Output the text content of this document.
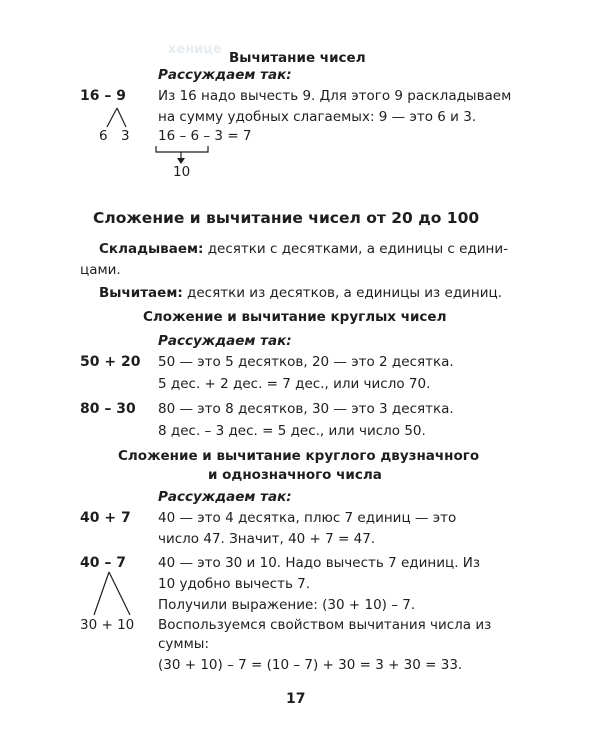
хенице
Вычитание чисел
Рассуждаем так:
16 – 9 Из 16 надо вычесть 9. Для этого 9 раскладываем
на сумму удобных слагаемых: 9 — это 6 и 3.
6 3 16 – 6 – 3 = 7
10
Сложение и вычитание чисел от 20 до 100
Складываем: десятки с десятками, а единицы с едини-
цами.
Вычитаем: десятки из десятков, а единицы из единиц.
Сложение и вычитание круглых чисел
Рассуждаем так:
50 + 20 50 — это 5 десятков, 20 — это 2 десятка.
5 дес. + 2 дес. = 7 дес., или число 70.
80 – 30 80 — это 8 десятков, 30 — это 3 десятка.
8 дес. – 3 дес. = 5 дес., или число 50.
Сложение и вычитание круглого двузначного
и однозначного числа
Рассуждаем так:
40 + 7 40 — это 4 десятка, плюс 7 единиц — это
число 47. Значит, 40 + 7 = 47.
40 – 7 40 — это 30 и 10. Надо вычесть 7 единиц. Из
10 удобно вычесть 7.
Получили выражение: (30 + 10) – 7.
30 + 10 Воспользуемся свойством вычитания числа из
суммы:
(30 + 10) – 7 = (10 – 7) + 30 = 3 + 30 = 33.
17
